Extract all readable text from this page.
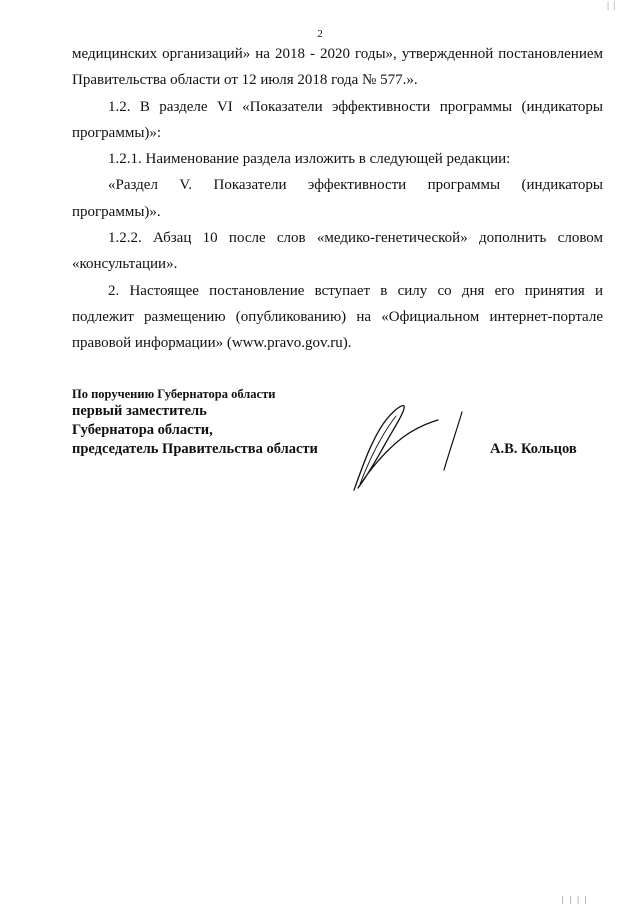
| |
2

медицинских организаций» на 2018 - 2020 годы», утвержденной постановлением Правительства области от 12 июля 2018 года № 577.».

1.2. В разделе VI «Показатели эффективности программы (индикаторы программы)»:

1.2.1. Наименование раздела изложить в следующей редакции:

«Раздел V. Показатели эффективности программы (индикаторы программы)».

1.2.2. Абзац 10 после слов «медико-генетической» дополнить словом «консультации».

2. Настоящее постановление вступает в силу со дня его принятия и подлежит размещению (опубликованию) на «Официальном интернет-портале правовой информации» (www.pravo.gov.ru).

По поручению Губернатора области
первый заместитель
Губернатора области,
председатель Правительства области	А.В. Кольцов
| | | |
